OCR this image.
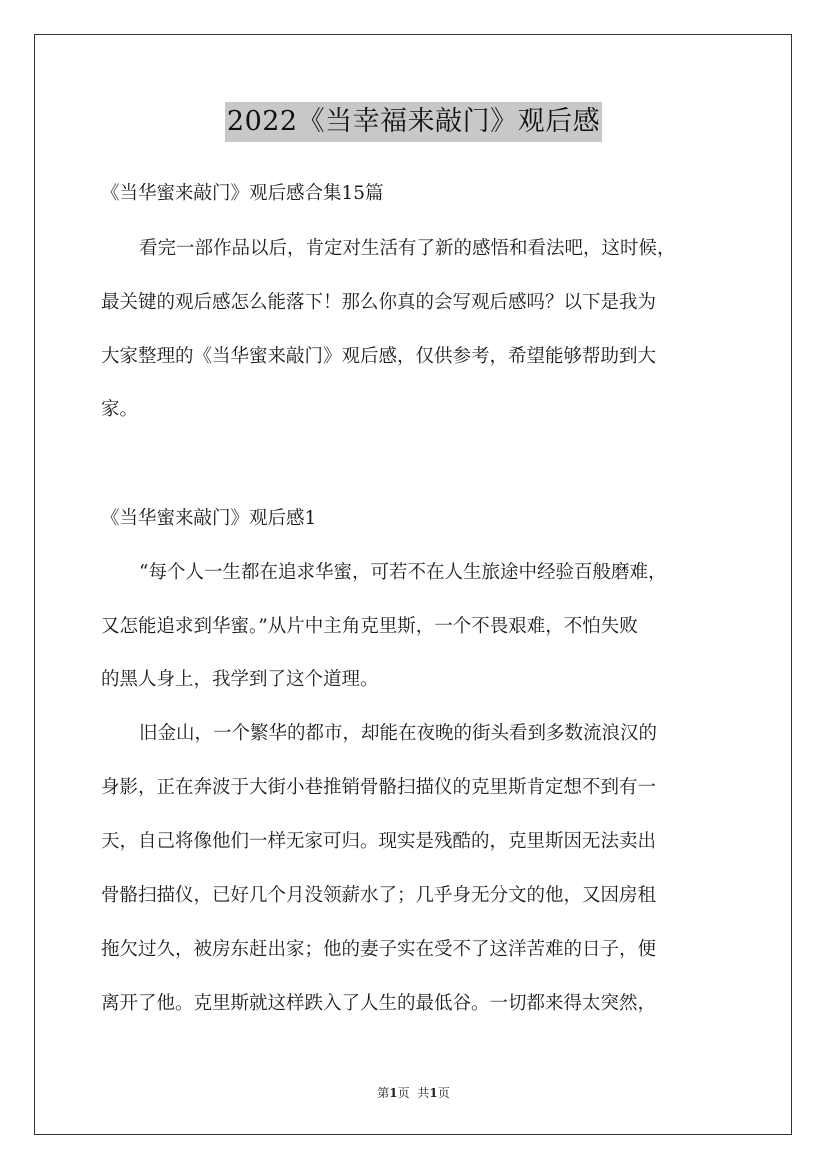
2022《当幸福来敲门》观后感
《当华蜜来敲门》观后感合集15篇
看完一部作品以后，肯定对生活有了新的感悟和看法吧，这时候，
最关键的观后感怎么能落下！那么你真的会写观后感吗？以下是我为
大家整理的《当华蜜来敲门》观后感，仅供参考，希望能够帮助到大
家。
《当华蜜来敲门》观后感1
“每个人一生都在追求华蜜，可若不在人生旅途中经验百般磨难，
又怎能追求到华蜜。”从片中主角克里斯，一个不畏艰难，不怕失败
的黑人身上，我学到了这个道理。
旧金山，一个繁华的都市，却能在夜晚的街头看到多数流浪汉的
身影，正在奔波于大街小巷推销骨骼扫描仪的克里斯肯定想不到有一
天，自己将像他们一样无家可归。现实是残酷的，克里斯因无法卖出
骨骼扫描仪，已好几个月没领薪水了；几乎身无分文的他，又因房租
拖欠过久，被房东赶出家；他的妻子实在受不了这洋苦难的日子，便
离开了他。克里斯就这样跌入了人生的最低谷。一切都来得太突然，
第1页 共1页
